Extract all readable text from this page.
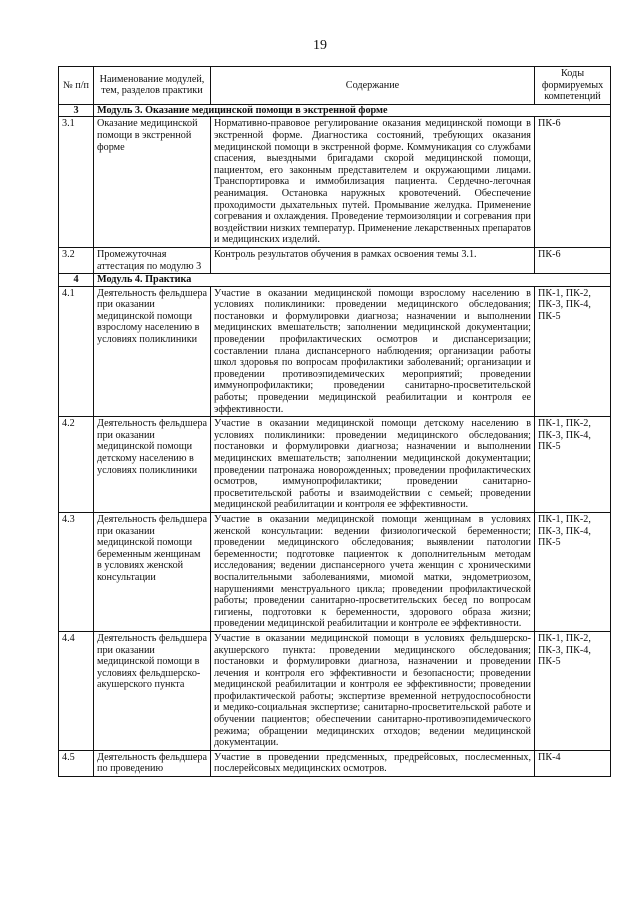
19
№ п/п	Наименование модулей, тем, разделов практики	Содержание	Коды формируемых компетенций
3	Модуль 3. Оказание медицинской помощи в экстренной форме		
3.1	Оказание медицинской помощи в экстренной форме	Нормативно-правовое регулирование оказания медицинской помощи в экстренной форме. Диагностика состояний, требующих оказания медицинской помощи в экстренной форме. Коммуникация со службами спасения, выездными бригадами скорой медицинской помощи, пациентом, его законным представителем и окружающими лицами. Транспортировка и иммобилизация пациента. Сердечно-легочная реанимация. Остановка наружных кровотечений. Обеспечение проходимости дыхательных путей. Промывание желудка. Применение согревания и охлаждения. Проведение термоизоляции и согревания при воздействии низких температур. Применение лекарственных препаратов и медицинских изделий.	ПК-6
3.2	Промежуточная аттестация по модулю 3	Контроль результатов обучения в рамках освоения темы 3.1.	ПК-6
4	Модуль 4. Практика		
4.1	Деятельность фельдшера при оказании медицинской помощи взрослому населению в условиях поликлиники	Участие в оказании медицинской помощи взрослому населению в условиях поликлиники: проведении медицинского обследования; постановки и формулировки диагноза; назначении и выполнении медицинских вмешательств; заполнении медицинской документации; проведении профилактических осмотров и диспансеризации; составлении плана диспансерного наблюдения; организации работы школ здоровья по вопросам профилактики заболеваний; организации и проведении противоэпидемических мероприятий; проведении иммунопрофилактики; проведении санитарно-просветительской работы; проведении медицинской реабилитации и контроля ее эффективности.	ПК-1, ПК-2, ПК-3, ПК-4, ПК-5
4.2	Деятельность фельдшера при оказании медицинской помощи детскому населению в условиях поликлиники	Участие в оказании медицинской помощи детскому населению в условиях поликлиники: проведении медицинского обследования; постановки и формулировки диагноза; назначении и выполнении медицинских вмешательств; заполнении медицинской документации; проведении патронажа новорожденных; проведении профилактических осмотров, иммунопрофилактики; проведении санитарно-просветительской работы и взаимодействии с семьей; проведении медицинской реабилитации и контроля ее эффективности.	ПК-1, ПК-2, ПК-3, ПК-4, ПК-5
4.3	Деятельность фельдшера при оказании медицинской помощи беременным женщинам в условиях женской консультации	Участие в оказании медицинской помощи женщинам в условиях женской консультации: ведении физиологической беременности; проведении медицинского обследования; выявлении патологии беременности; подготовке пациенток к дополнительным методам исследования; ведении диспансерного учета женщин с хроническими воспалительными заболеваниями, миомой матки, эндометриозом, нарушениями менструального цикла; проведении профилактической работы; проведении санитарно-просветительских бесед по вопросам гигиены, подготовки к беременности, здорового образа жизни; проведении медицинской реабилитации и контроле ее эффективности.	ПК-1, ПК-2, ПК-3, ПК-4, ПК-5
4.4	Деятельность фельдшера при оказании медицинской помощи в условиях фельдшерско-акушерского пункта	Участие в оказании медицинской помощи в условиях фельдшерско-акушерского пункта: проведении медицинского обследования; постановки и формулировки диагноза, назначении и проведении лечения и контроля его эффективности и безопасности; проведении медицинской реабилитации и контроля ее эффективности; проведении профилактической работы; экспертизе временной нетрудоспособности и медико-социальная экспертизе; санитарно-просветительской работе и обучении пациентов; обеспечении санитарно-противоэпидемического режима; обращении медицинских отходов; ведении медицинской документации.	ПК-1, ПК-2, ПК-3, ПК-4, ПК-5
4.5	Деятельность фельдшера по проведению	Участие в проведении предсменных, предрейсовых, послесменных, послерейсовых медицинских осмотров.	ПК-4
